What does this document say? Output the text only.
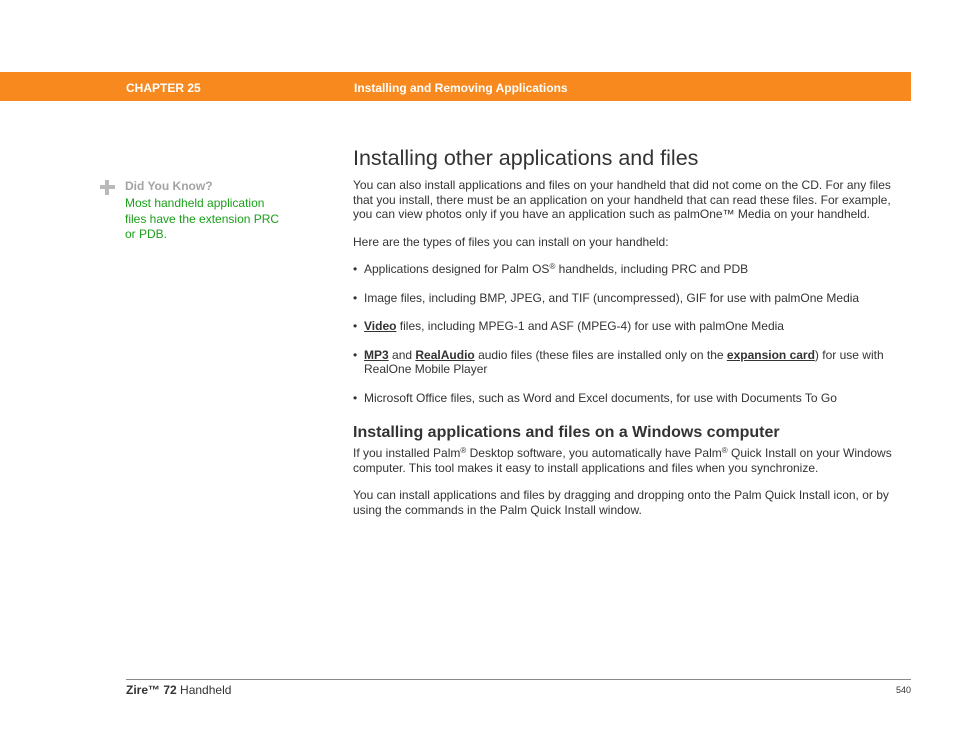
CHAPTER 25	Installing and Removing Applications
Did You Know?
Most handheld application files have the extension PRC or PDB.
Installing other applications and files

You can also install applications and files on your handheld that did not come on the CD. For any files that you install, there must be an application on your handheld that can read these files. For example, you can view photos only if you have an application such as palmOne™ Media on your handheld.

Here are the types of files you can install on your handheld:

• Applications designed for Palm OS® handhelds, including PRC and PDB
• Image files, including BMP, JPEG, and TIF (uncompressed), GIF for use with palmOne Media
• Video files, including MPEG-1 and ASF (MPEG-4) for use with palmOne Media
• MP3 and RealAudio audio files (these files are installed only on the expansion card) for use with RealOne Mobile Player
• Microsoft Office files, such as Word and Excel documents, for use with Documents To Go
Installing applications and files on a Windows computer

If you installed Palm® Desktop software, you automatically have Palm® Quick Install on your Windows computer. This tool makes it easy to install applications and files when you synchronize.

You can install applications and files by dragging and dropping onto the Palm Quick Install icon, or by using the commands in the Palm Quick Install window.

Zire™ 72 Handheld	540
